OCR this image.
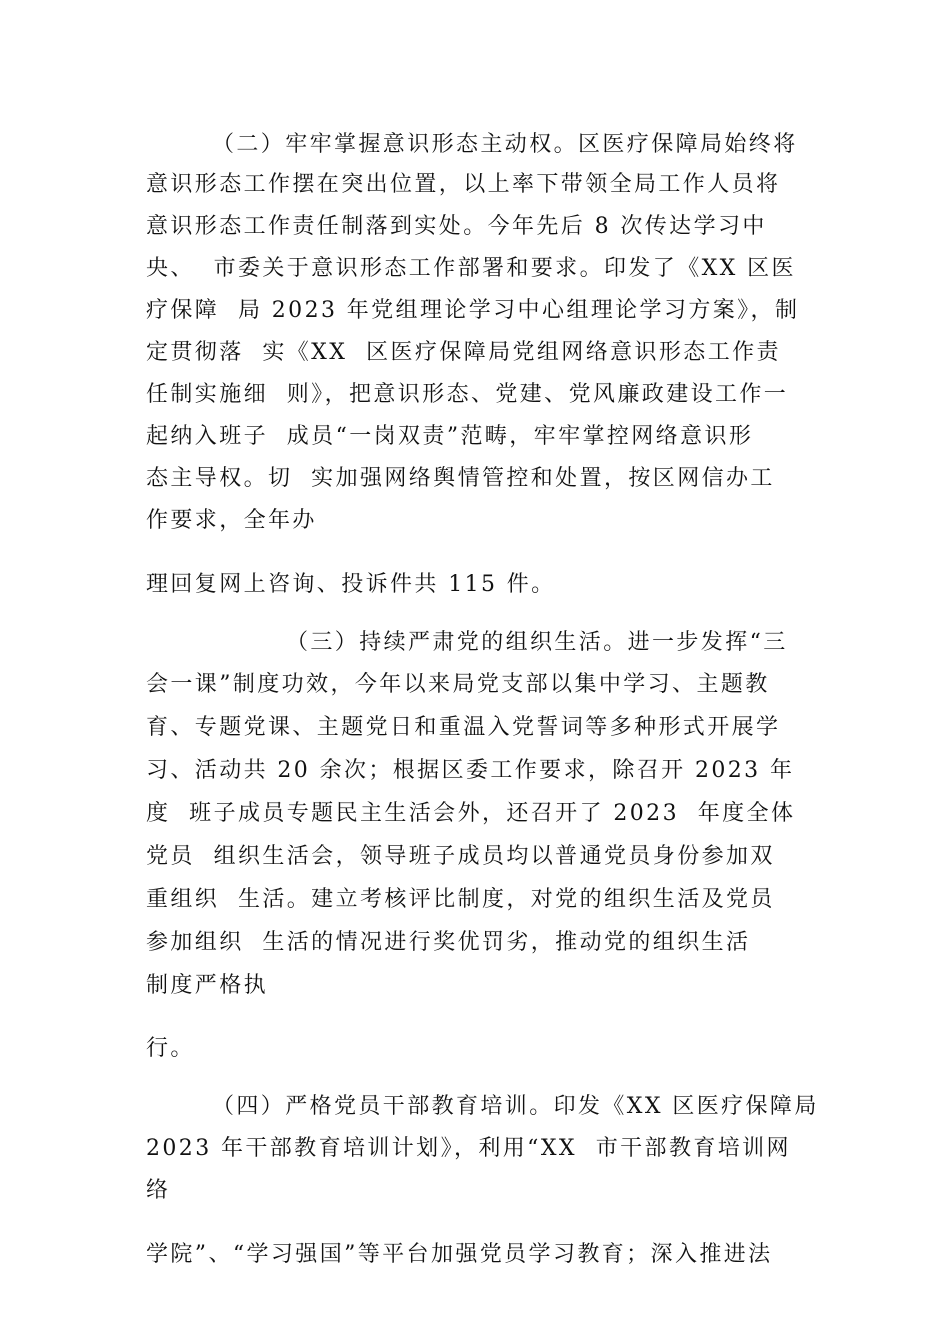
（二）牢牢掌握意识形态主动权。区医疗保障局始终将
意识形态工作摆在突出位置，以上率下带领全局工作人员将
意识形态工作责任制落到实处。今年先后 8 次传达学习中
央、  市委关于意识形态工作部署和要求。印发了《XX 区医
疗保障  局 2023 年党组理论学习中心组理论学习方案》，制
定贯彻落  实《XX  区医疗保障局党组网络意识形态工作责
任制实施细  则》，把意识形态、党建、党风廉政建设工作一
起纳入班子  成员“一岗双责”范畴，牢牢掌控网络意识形
态主导权。切  实加强网络舆情管控和处置，按区网信办工
作要求，全年办
理回复网上咨询、投诉件共 115 件。
（三）持续严肃党的组织生活。进一步发挥“三
会一课”制度功效，今年以来局党支部以集中学习、主题教
育、专题党课、主题党日和重温入党誓词等多种形式开展学
习、活动共 20 余次；根据区委工作要求，除召开 2023 年
度  班子成员专题民主生活会外，还召开了 2023  年度全体
党员  组织生活会，领导班子成员均以普通党员身份参加双
重组织  生活。建立考核评比制度，对党的组织生活及党员
参加组织  生活的情况进行奖优罚劣，推动党的组织生活
制度严格执
行。
（四）严格党员干部教育培训。印发《XX 区医疗保障局
2023 年干部教育培训计划》，利用“XX  市干部教育培训网
络
学院”、“学习强国”等平台加强党员学习教育；深入推进法
